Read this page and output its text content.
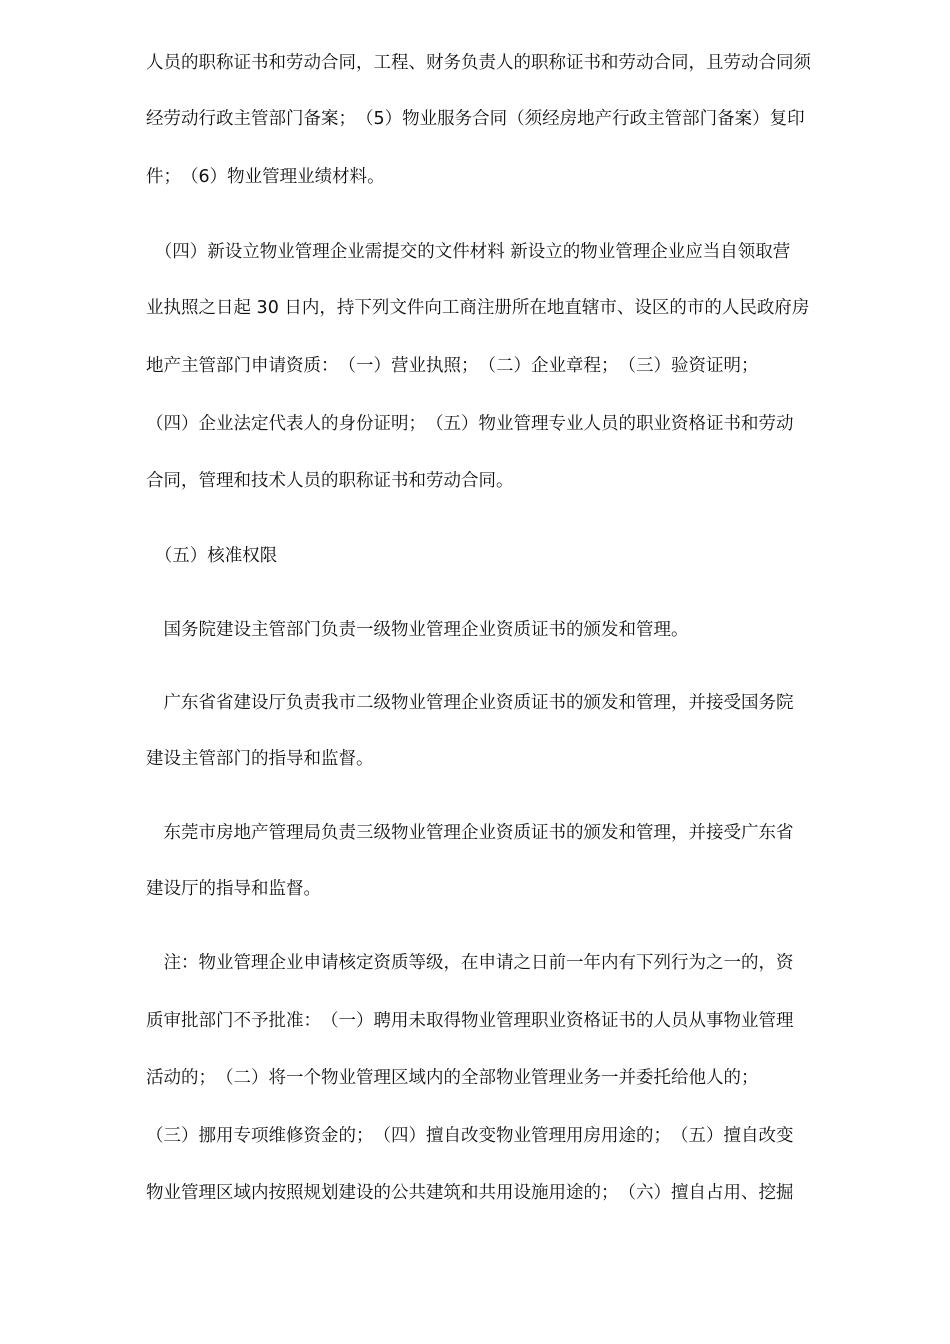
人员的职称证书和劳动合同，工程、财务负责人的职称证书和劳动合同，且劳动合同须
经劳动行政主管部门备案；　（5）物业服务合同（须经房地产行政主管部门备案）复印
件；　（6）物业管理业绩材料。
　（四）新设立物业管理企业需提交的文件材料 新设立的物业管理企业应当自领取营
业执照之日起 30 日内，持下列文件向工商注册所在地直辖市、设区的市的人民政府房
地产主管部门申请资质：　（一）营业执照；　（二）企业章程；　（三）验资证明；
（四）企业法定代表人的身份证明；　（五）物业管理专业人员的职业资格证书和劳动
合同，管理和技术人员的职称证书和劳动合同。
　（五）核准权限
　国务院建设主管部门负责一级物业管理企业资质证书的颁发和管理。
　广东省省建设厅负责我市二级物业管理企业资质证书的颁发和管理，并接受国务院
建设主管部门的指导和监督。
　东莞市房地产管理局负责三级物业管理企业资质证书的颁发和管理，并接受广东省
建设厅的指导和监督。
　注：物业管理企业申请核定资质等级，在申请之日前一年内有下列行为之一的，资
质审批部门不予批准：　（一）聘用未取得物业管理职业资格证书的人员从事物业管理
活动的；　（二）将一个物业管理区域内的全部物业管理业务一并委托给他人的；
（三）挪用专项维修资金的；　（四）擅自改变物业管理用房用途的；　（五）擅自改变
物业管理区域内按照规划建设的公共建筑和共用设施用途的；　（六）擅自占用、挖掘
